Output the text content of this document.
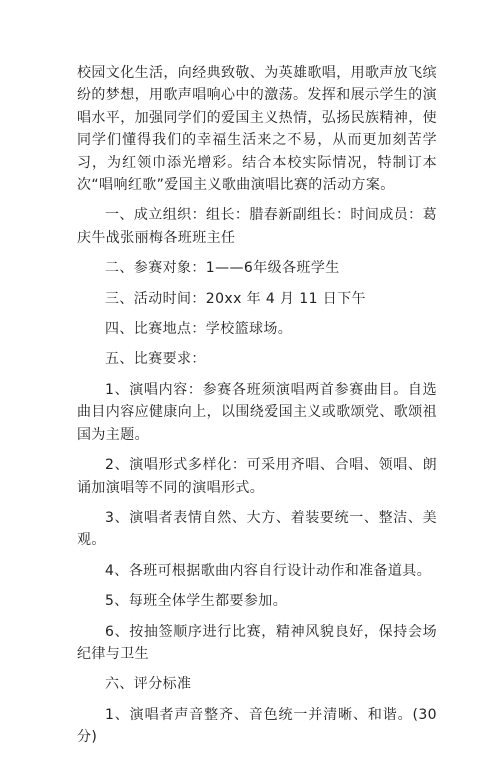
校园文化生活，向经典致敬、为英雄歌唱，用歌声放飞缤纷的梦想，用歌声唱响心中的激荡。发挥和展示学生的演唱水平，加强同学们的爱国主义热情，弘扬民族精神，使同学们懂得我们的幸福生活来之不易，从而更加刻苦学习，为红领巾添光增彩。结合本校实际情况，特制订本次“唱响红歌”爱国主义歌曲演唱比赛的活动方案。

一、成立组织：组长：腊春新副组长：时间成员：葛庆牛战张丽梅各班班主任

二、参赛对象：1——6年级各班学生

三、活动时间：20xx 年 4 月 11 日下午

四、比赛地点：学校篮球场。

五、比赛要求：

1、演唱内容：参赛各班须演唱两首参赛曲目。自选曲目内容应健康向上，以围绕爱国主义或歌颂党、歌颂祖国为主题。

2、演唱形式多样化：可采用齐唱、合唱、领唱、朗诵加演唱等不同的演唱形式。

3、演唱者表情自然、大方、着装要统一、整洁、美观。

4、各班可根据歌曲内容自行设计动作和准备道具。

5、每班全体学生都要参加。

6、按抽签顺序进行比赛，精神风貌良好，保持会场纪律与卫生

六、评分标准

1、演唱者声音整齐、音色统一并清晰、和谐。(30 分)
